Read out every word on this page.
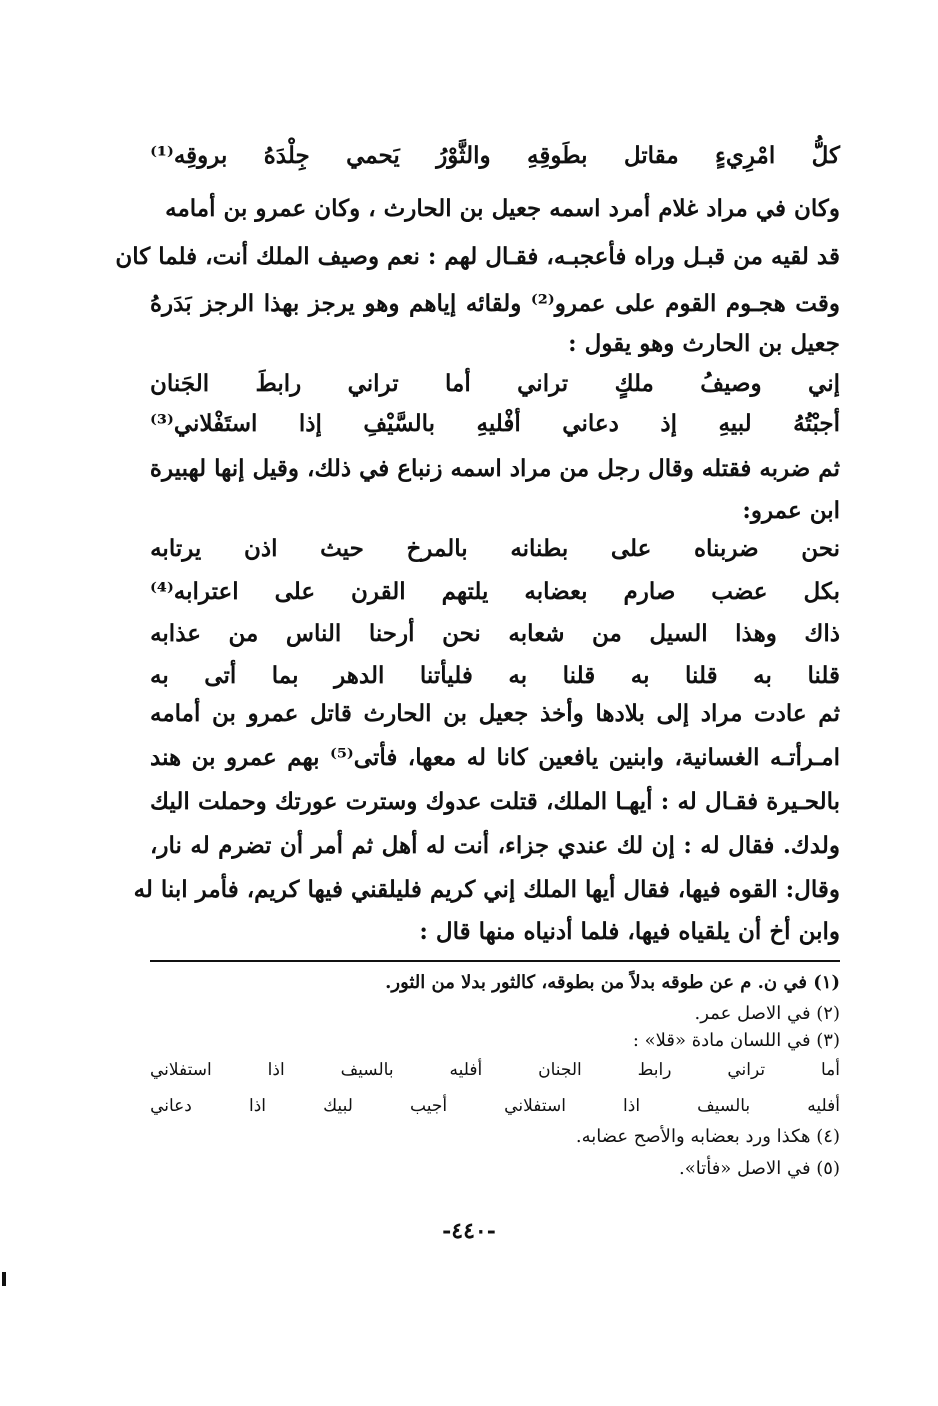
كلُّ
امْرِيءٍ
مقاتل
بطَوقِهِ
والثَّوْرُ
يَحمي
جِلْدَهُ
بروقِه⁽¹⁾
وكان في مراد غلام أمرد اسمه جعيل بن الحارث ، وكان عمرو بن أمامه
قد لقيه من قبـل وراه فأعجبـه، فقـال لهم : نعم وصيف الملك أنت، فلما كان
وقت هجـوم القوم على عمرو⁽²⁾ ولقائه إياهم وهو يرجز بهذا الرجز بَدَرهُ
جعيل بن الحارث وهو يقول :
إني
وصيفُ
ملكٍ
تراني
أما
تراني
رابطَ
الجَنان
أجبْتُهُ
لبيهِ
إذ
دعاني
أفْليهِ
بالسَّيْفِ
إذا
استَفْلاني⁽³⁾
ثم ضربه فقتله وقال رجل من مراد اسمه زنباع في ذلك، وقيل إنها لهبيرة
ابن عمرو:
نحن
ضربناه
على
بطنانه
بالمرخ
حيث
اذن
يرتابه
بكل
عضب
صارم
بعضابه
يلتهم
القرن
على
اعترابه⁽⁴⁾
ذاك
وهذا
السيل
من
شعابه
نحن
أرحنا
الناس
من
عذابه
قلنا
به
قلنا
به
قلنا
به
فليأتنا
الدهر
بما
أتى
به
ثم عادت مراد إلى بلادها وأخذ جعيل بن الحارث قاتل عمرو بن أمامه
امـرأتـه الغسانية، وابنين يافعين كانا له معها، فأتى⁽⁵⁾ بهم عمرو بن هند
بالحـيرة فقـال له : أيهـا الملك، قتلت عدوك وسترت عورتك وحملت اليك
ولدك. فقال له : إن لك عندي جزاء، أنت له أهل ثم أمر أن تضرم له نار،
وقال: القوه فيها، فقال أيها الملك إني كريم فليلقني فيها كريم، فأمر ابنا له
وابن أخ أن يلقياه فيها، فلما أدنياه منها قال :
(١) في ن. م عن طوقه بدلاً من بطوقه، كالثور بدلا من الثور.
(٢) في الاصل عمر.
(٣) في اللسان مادة «قلا» :
أما
تراني
رابط
الجنان
أفليه
بالسيف
اذا
استفلاني
أفليه
بالسيف
اذا
استفلاني
أجيب
لبيك
اذا
دعاني
(٤) هكذا ورد بعضابه والأصح عضابه.
(٥) في الاصل «فأتا».
-٤٤٠-
